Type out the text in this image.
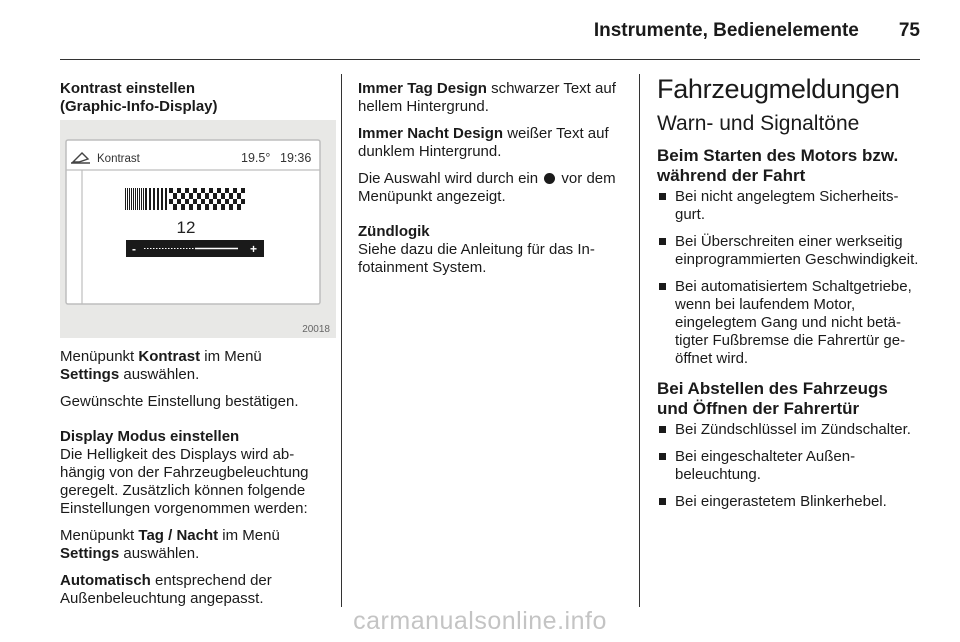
Instrumente, Bedienelemente 75
Kontrast einstellen
(Graphic-Info-Display)
Kontrast	19.5° 19:36
12
-	+
20018

Menüpunkt Kontrast im Menü
Settings auswählen.

Gewünschte Einstellung bestätigen.

Display Modus einstellen

Die Helligkeit des Displays wird abhängig von der Fahrzeugbeleuchtung geregelt. Zusätzlich können folgende Einstellungen vorgenommen werden:

Menüpunkt Tag / Nacht im Menü
Settings auswählen.

Automatisch entsprechend der Außenbeleuchtung angepasst.

Immer Tag Design schwarzer Text auf hellem Hintergrund.

Immer Nacht Design weißer Text auf dunklem Hintergrund.

Die Auswahl wird durch ein  vor dem Menüpunkt angezeigt.

Zündlogik

Siehe dazu die Anleitung für das Infotainment System.

Fahrzeugmeldungen
Warn- und Signaltöne
Beim Starten des Motors bzw. während der Fahrt
Bei nicht angelegtem Sicherheitsgurt.
Bei Überschreiten einer werkseitig einprogrammierten Geschwindigkeit.
Bei automatisiertem Schaltgetriebe, wenn bei laufendem Motor, eingelegtem Gang und nicht betätigter Fußbremse die Fahrertür geöffnet wird.
Bei Abstellen des Fahrzeugs und Öffnen der Fahrertür
Bei Zündschlüssel im Zündschalter.
Bei eingeschalteter Außenbeleuchtung.
Bei eingerastetem Blinkerhebel.
carmanualsonline.info
